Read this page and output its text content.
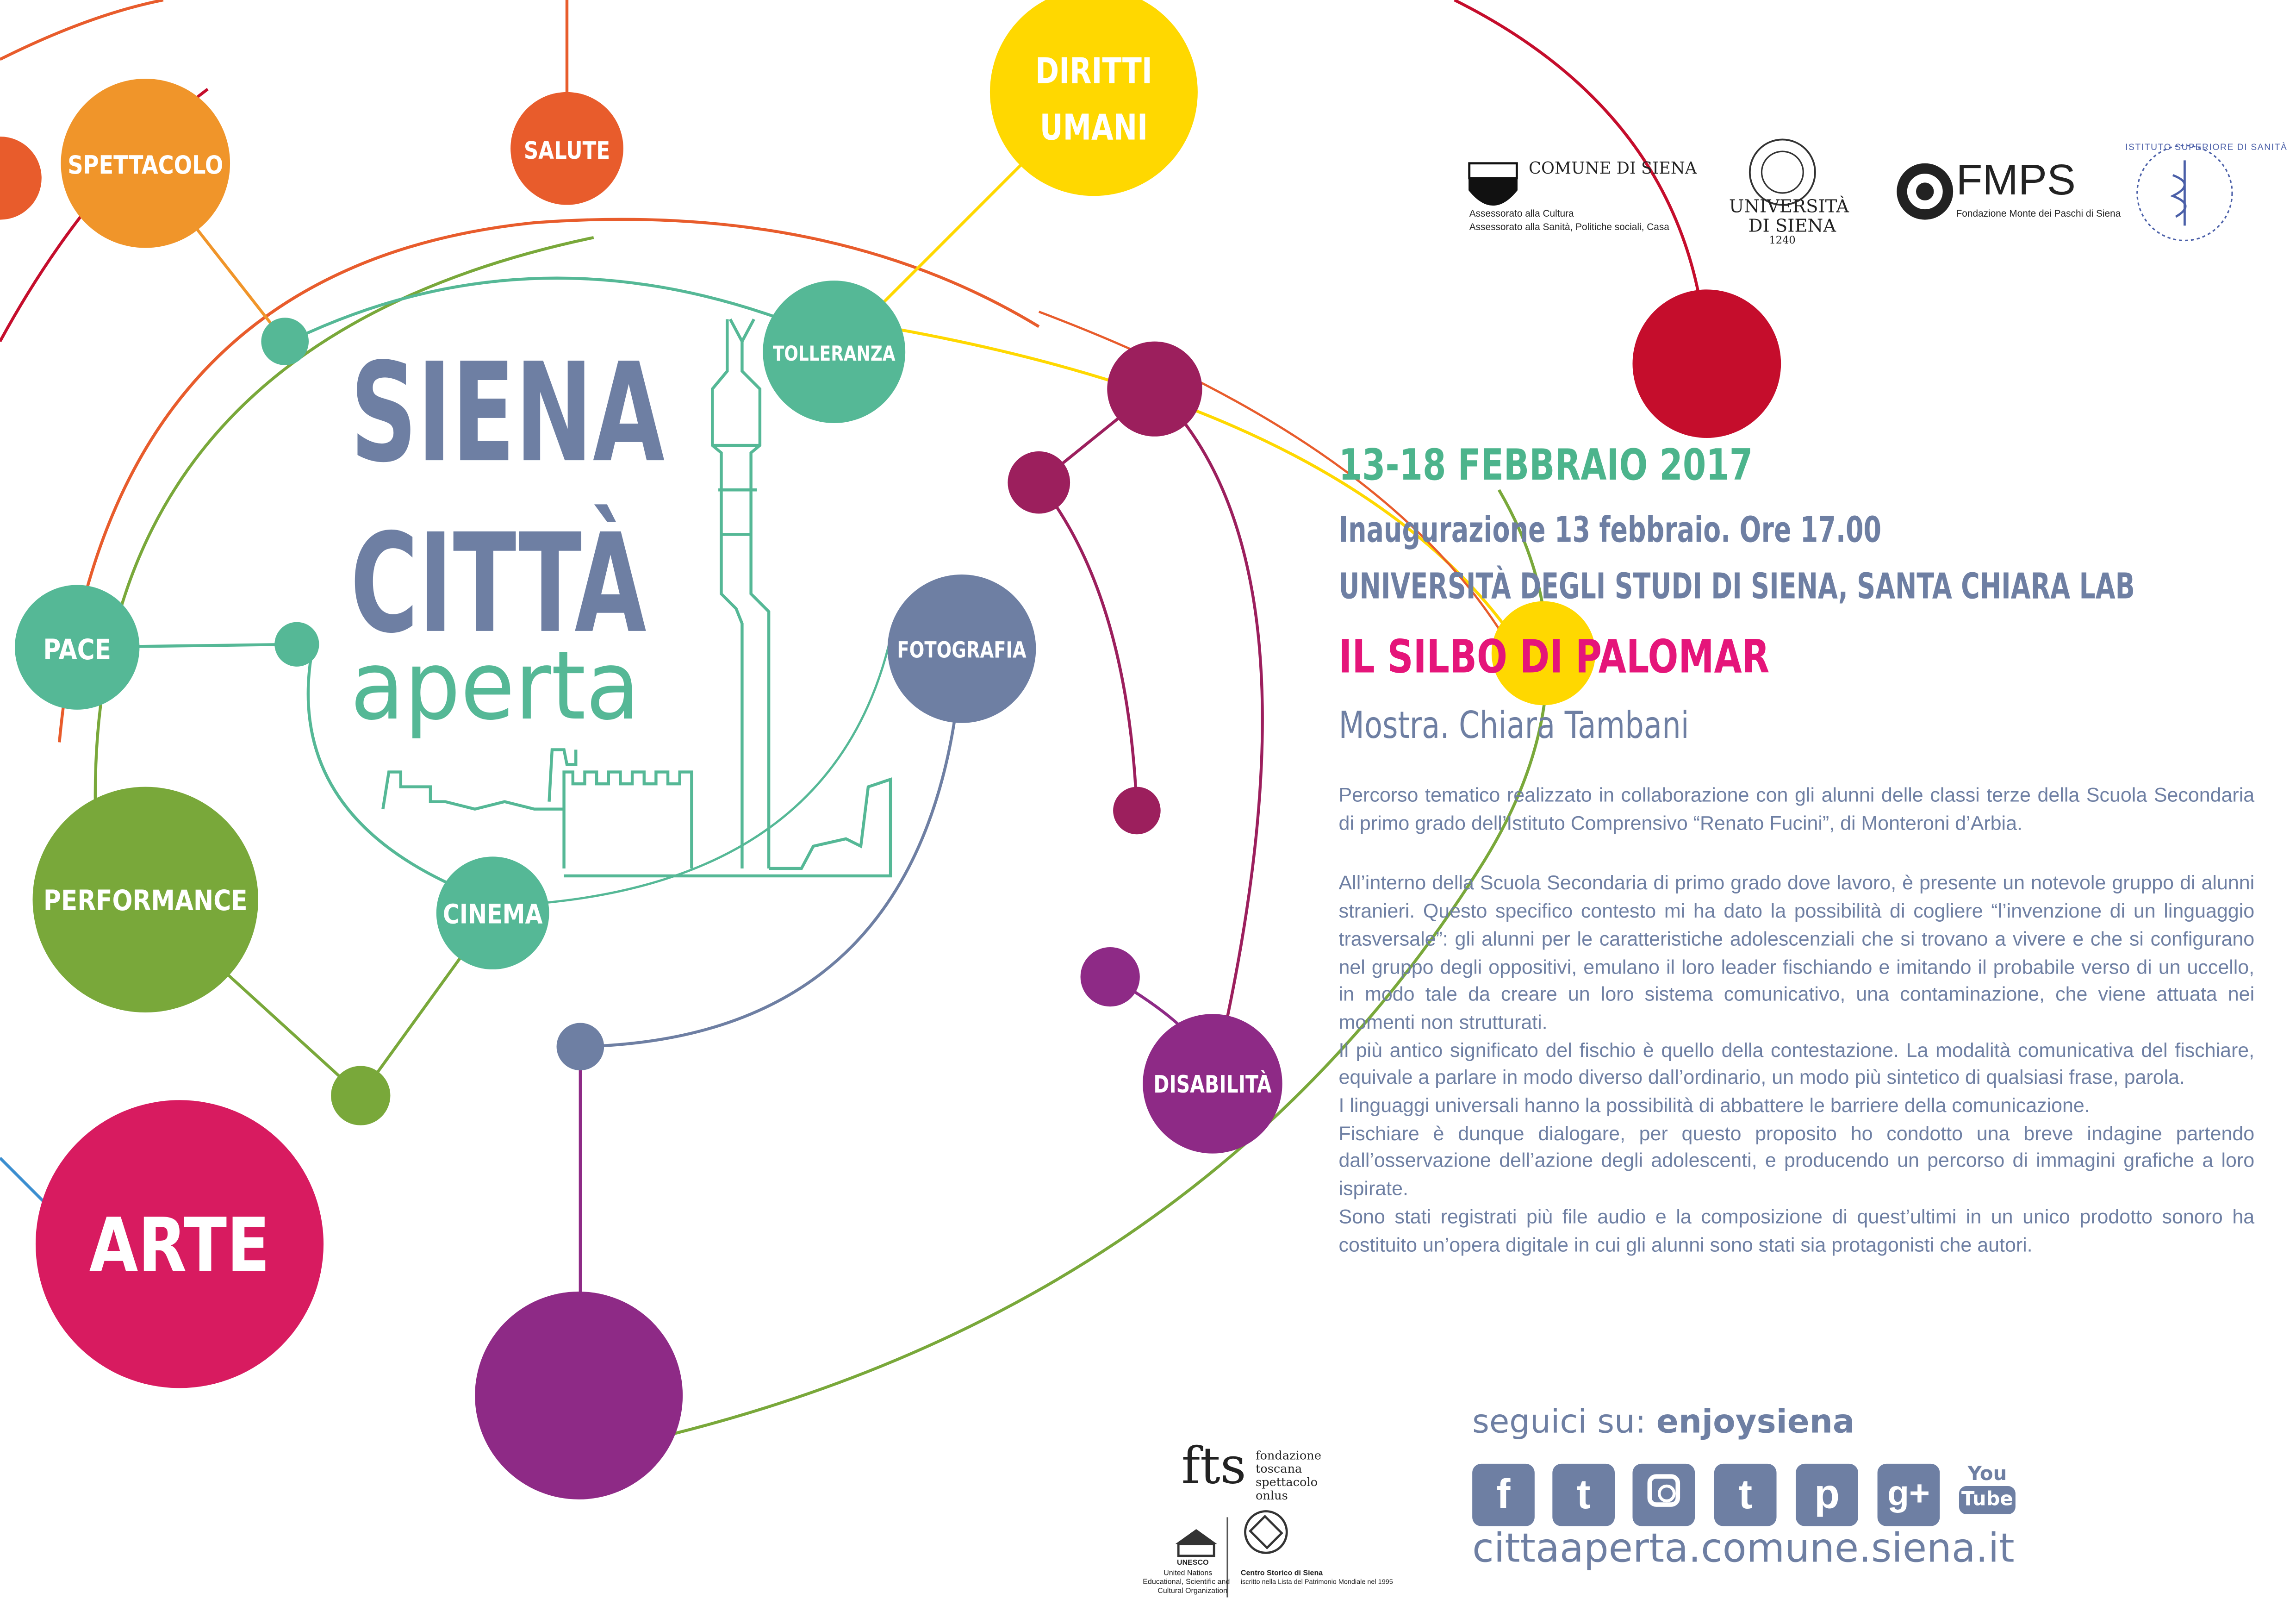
SPETTACOLO	SALUTE
DIRITTI
UMANI
TOLLERANZA
PACE	FOTOGRAFIA
PERFORMANCE	CINEMA
DISABILITÀ
ARTE
SIENA
CITTÀ
aperta
13-18 FEBBRAIO 2017
Inaugurazione 13 febbraio. Ore 17.00
UNIVERSITÀ DEGLI STUDI DI SIENA, SANTA CHIARA LAB
IL SILBO DI PALOMAR
Mostra. Chiara Tambani

Percorso tematico realizzato in collaborazione con gli alunni delle classi terze della Scuola Secondaria di primo grado dell’Istituto Comprensivo “Renato Fucini”, di Monteroni d’Arbia.

All’interno della Scuola Secondaria di primo grado dove lavoro, è presente un notevole gruppo di alunni stranieri. Questo specifico contesto mi ha dato la possibilità di cogliere “l’invenzione di un linguaggio trasversale”: gli alunni per le caratteristiche adolescenziali che si trovano a vivere e che si configurano nel gruppo degli oppositivi, emulano il loro leader fischiando e imitando il probabile verso di un uccello, in modo tale da creare un loro sistema comunicativo, una contaminazione, che viene attuata nei momenti non strutturati.

Il più antico significato del fischio è quello della contestazione. La modalità comunicativa del fischiare, equivale a parlare in modo diverso dall’ordinario, un modo più sintetico di qualsiasi frase, parola.

I linguaggi universali hanno la possibilità di abbattere le barriere della comunicazione.

Fischiare è dunque dialogare, per questo proposito ho condotto una breve indagine partendo dall’osservazione dell’azione degli adolescenti, e producendo un percorso di immagini grafiche a loro ispirate.

Sono stati registrati più file audio e la composizione di quest’ultimi in un unico prodotto sonoro ha costituito un’opera digitale in cui gli alunni sono stati sia protagonisti che autori.

seguici su: enjoysiena
f	t	t	p	g+	You
Tube
cittaaperta.comune.siena.it
COMUNE DI SIENA
Assessorato alla Cultura
Assessorato alla Sanità, Politiche sociali, Casa
UNIVERSITÀ
DI SIENA
1240
FMPS
Fondazione Monte dei Paschi di Siena
ISTITUTO SUPERIORE DI SANITÀ
fts	fondazione
toscana
spettacolo
onlus
UNESCO
United Nations
Educational, Scientific and
Cultural Organization
Centro Storico di Siena
iscritto nella Lista del Patrimonio Mondiale nel 1995
